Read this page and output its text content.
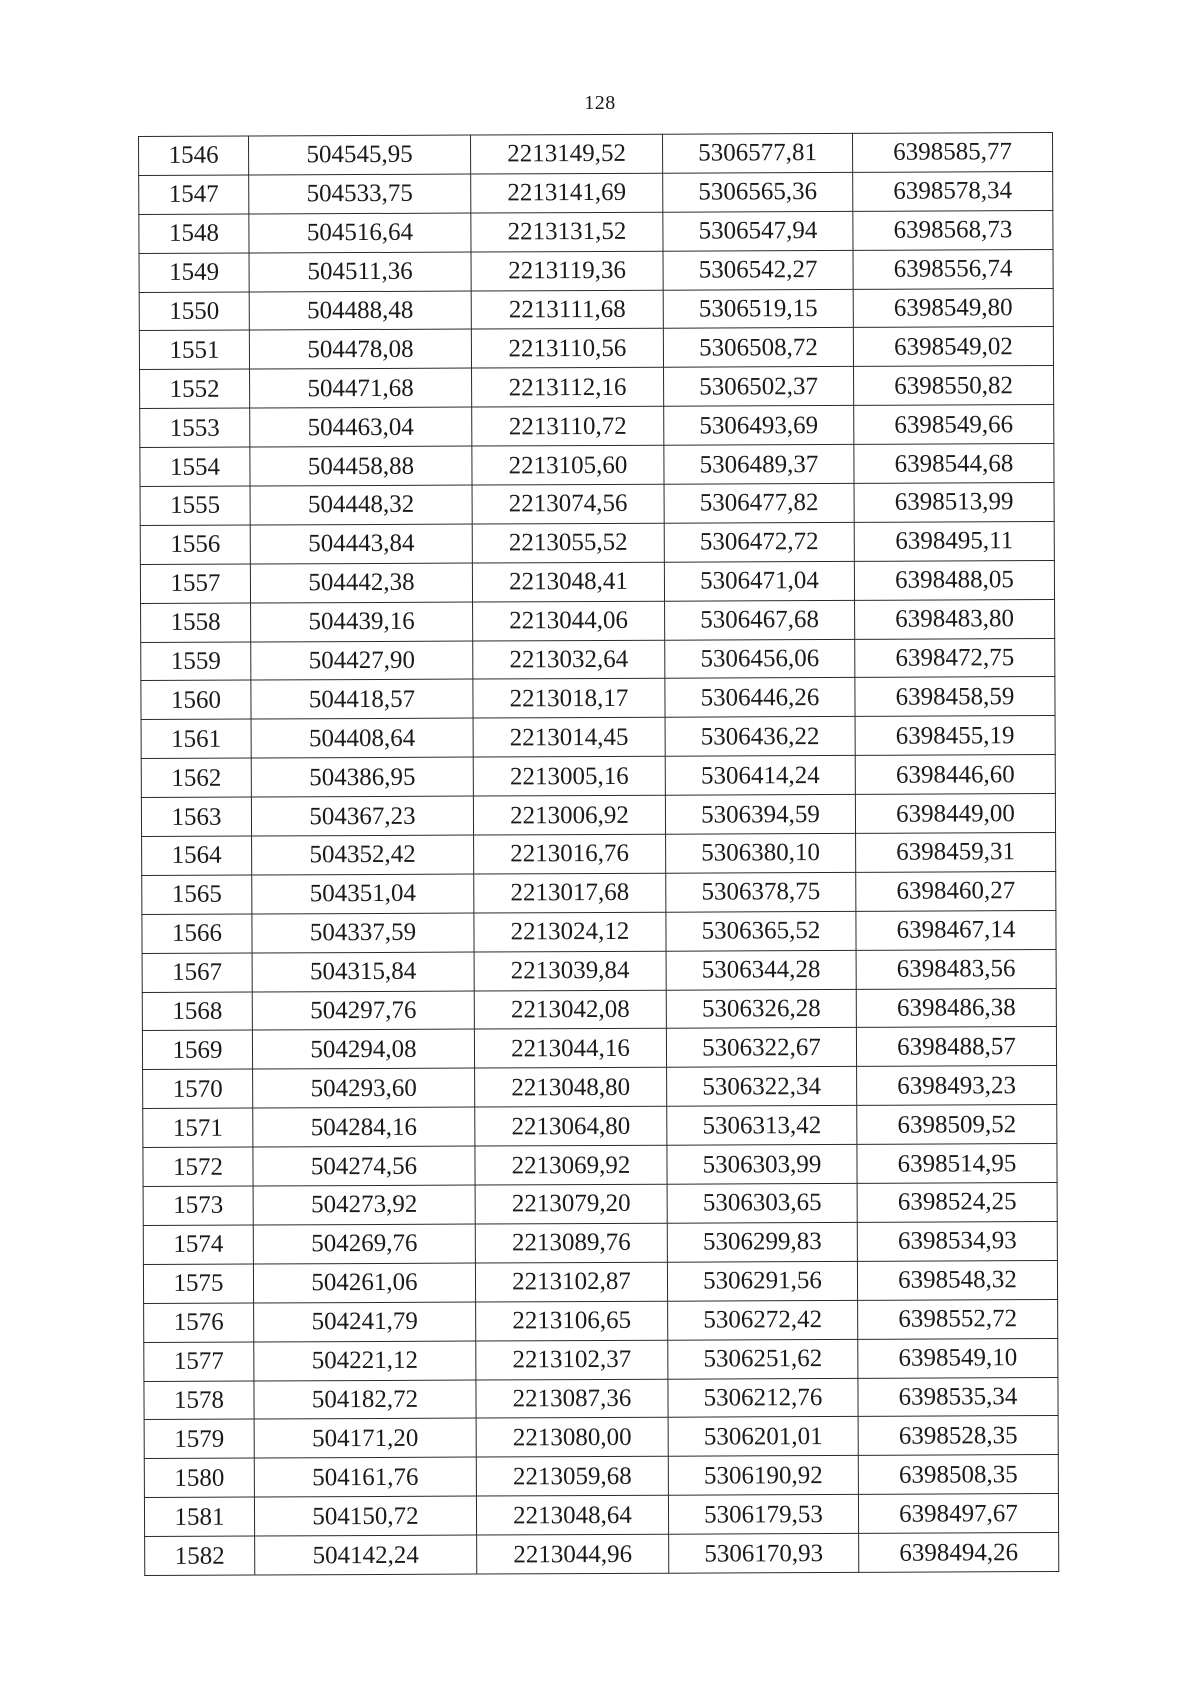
128
1546	504545,95	2213149,52	5306577,81	6398585,77
1547	504533,75	2213141,69	5306565,36	6398578,34
1548	504516,64	2213131,52	5306547,94	6398568,73
1549	504511,36	2213119,36	5306542,27	6398556,74
1550	504488,48	2213111,68	5306519,15	6398549,80
1551	504478,08	2213110,56	5306508,72	6398549,02
1552	504471,68	2213112,16	5306502,37	6398550,82
1553	504463,04	2213110,72	5306493,69	6398549,66
1554	504458,88	2213105,60	5306489,37	6398544,68
1555	504448,32	2213074,56	5306477,82	6398513,99
1556	504443,84	2213055,52	5306472,72	6398495,11
1557	504442,38	2213048,41	5306471,04	6398488,05
1558	504439,16	2213044,06	5306467,68	6398483,80
1559	504427,90	2213032,64	5306456,06	6398472,75
1560	504418,57	2213018,17	5306446,26	6398458,59
1561	504408,64	2213014,45	5306436,22	6398455,19
1562	504386,95	2213005,16	5306414,24	6398446,60
1563	504367,23	2213006,92	5306394,59	6398449,00
1564	504352,42	2213016,76	5306380,10	6398459,31
1565	504351,04	2213017,68	5306378,75	6398460,27
1566	504337,59	2213024,12	5306365,52	6398467,14
1567	504315,84	2213039,84	5306344,28	6398483,56
1568	504297,76	2213042,08	5306326,28	6398486,38
1569	504294,08	2213044,16	5306322,67	6398488,57
1570	504293,60	2213048,80	5306322,34	6398493,23
1571	504284,16	2213064,80	5306313,42	6398509,52
1572	504274,56	2213069,92	5306303,99	6398514,95
1573	504273,92	2213079,20	5306303,65	6398524,25
1574	504269,76	2213089,76	5306299,83	6398534,93
1575	504261,06	2213102,87	5306291,56	6398548,32
1576	504241,79	2213106,65	5306272,42	6398552,72
1577	504221,12	2213102,37	5306251,62	6398549,10
1578	504182,72	2213087,36	5306212,76	6398535,34
1579	504171,20	2213080,00	5306201,01	6398528,35
1580	504161,76	2213059,68	5306190,92	6398508,35
1581	504150,72	2213048,64	5306179,53	6398497,67
1582	504142,24	2213044,96	5306170,93	6398494,26
